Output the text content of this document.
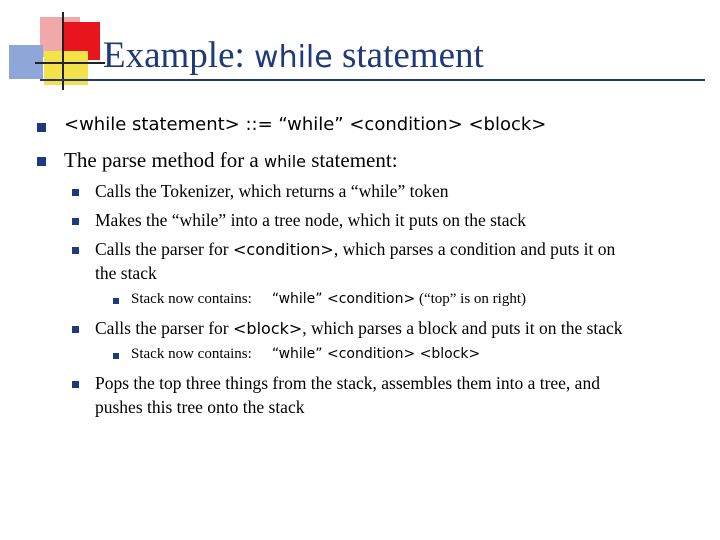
Example: while statement
<while statement> ::= “while” <condition> <block>
The parse method for a while statement:
Calls the Tokenizer, which returns a “while” token
Makes the “while” into a tree node, which it puts on the stack
Calls the parser for <condition>, which parses a condition and puts it on
the stack
Stack now contains: “while” <condition> (“top” is on right)
Calls the parser for <block>, which parses a block and puts it on the stack
Stack now contains: “while” <condition> <block>
Pops the top three things from the stack, assembles them into a tree, and
pushes this tree onto the stack
